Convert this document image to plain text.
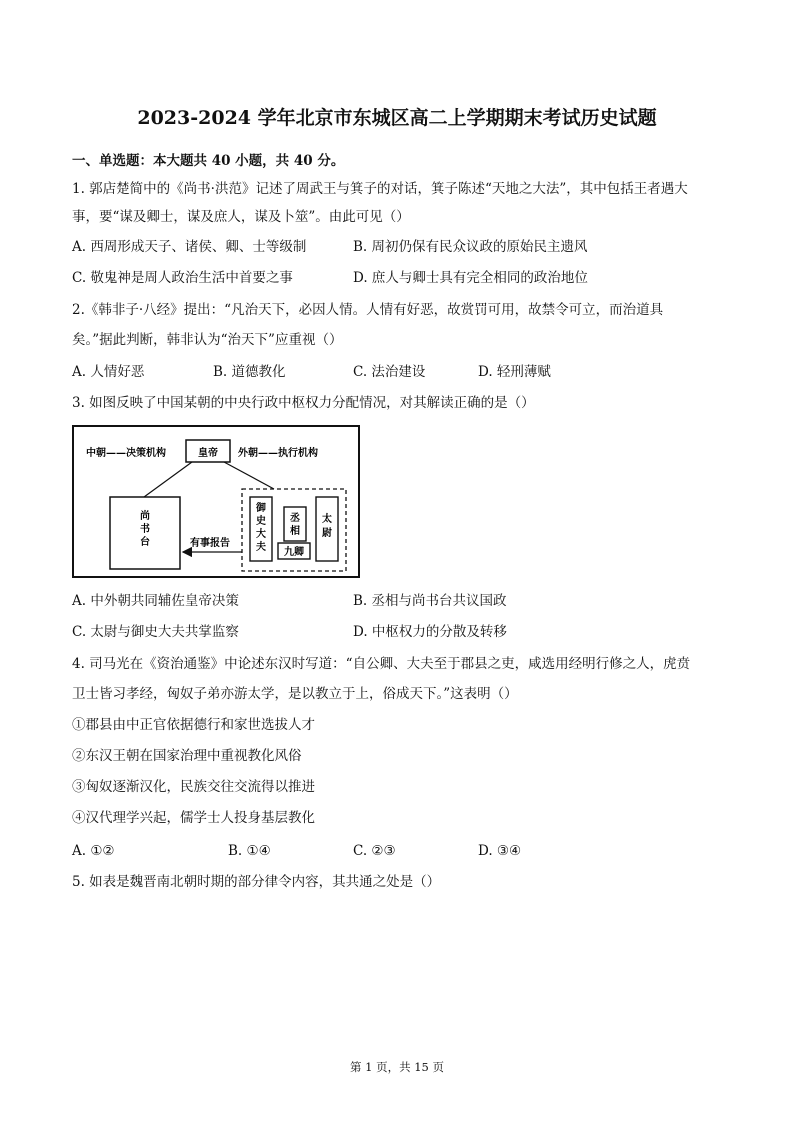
2023-2024 学年北京市东城区高二上学期期末考试历史试题
一、单选题：本大题共 40 小题，共 40 分。
1. 郭店楚简中的《尚书·洪范》记述了周武王与箕子的对话，箕子陈述“天地之大法”，其中包括王者遇大
事，要“谋及卿士，谋及庶人，谋及卜筮”。由此可见（）
A. 西周形成天子、诸侯、卿、士等级制	B. 周初仍保有民众议政的原始民主遗风
C. 敬鬼神是周人政治生活中首要之事	D. 庶人与卿士具有完全相同的政治地位
2.《韩非子·八经》提出：“凡治天下，必因人情。人情有好恶，故赏罚可用，故禁令可立，而治道具
矣。”据此判断，韩非认为“治天下”应重视（）
A. 人情好恶	B. 道德教化	C. 法治建设	D. 轻刑薄赋
3. 如图反映了中国某朝的中央行政中枢权力分配情况，对其解读正确的是（）
中朝——决策机构	皇帝 外朝——执行机构
尚
书
台
御
史
大
夫
丞
相
九卿
太
尉
有事报告
A. 中外朝共同辅佐皇帝决策	B. 丞相与尚书台共议国政
C. 太尉与御史大夫共掌监察	D. 中枢权力的分散及转移
4. 司马光在《资治通鉴》中论述东汉时写道：“自公卿、大夫至于郡县之吏，咸选用经明行修之人，虎贲
卫士皆习孝经，匈奴子弟亦游太学，是以教立于上，俗成天下。”这表明（）
①郡县由中正官依据德行和家世选拔人才
②东汉王朝在国家治理中重视教化风俗
③匈奴逐渐汉化，民族交往交流得以推进
④汉代理学兴起，儒学士人投身基层教化
A. ①②	B. ①④	C. ②③	D. ③④
5. 如表是魏晋南北朝时期的部分律令内容，其共通之处是（）
第 1 页，共 15 页
